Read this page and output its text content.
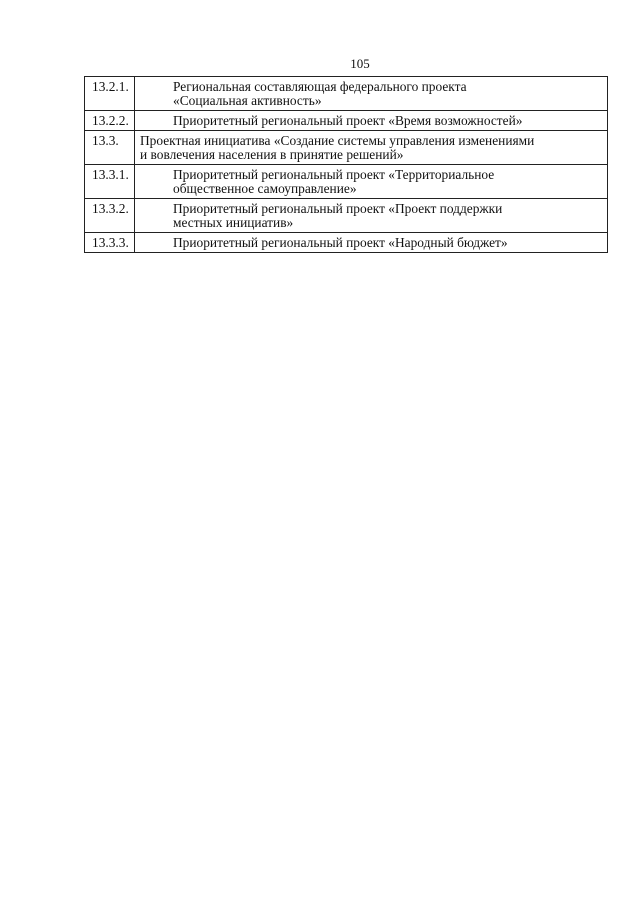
105
13.2.1.	Региональная составляющая федерального проекта
«Социальная активность»

13.2.2.	Приоритетный региональный проект «Время возможностей»

13.3.	Проектная инициатива «Создание системы управления изменениями
и вовлечения населения в принятие решений»

13.3.1.	Приоритетный региональный проект «Территориальное
общественное самоуправление»

13.3.2.	Приоритетный региональный проект «Проект поддержки
местных инициатив»

13.3.3.	Приоритетный региональный проект «Народный бюджет»
